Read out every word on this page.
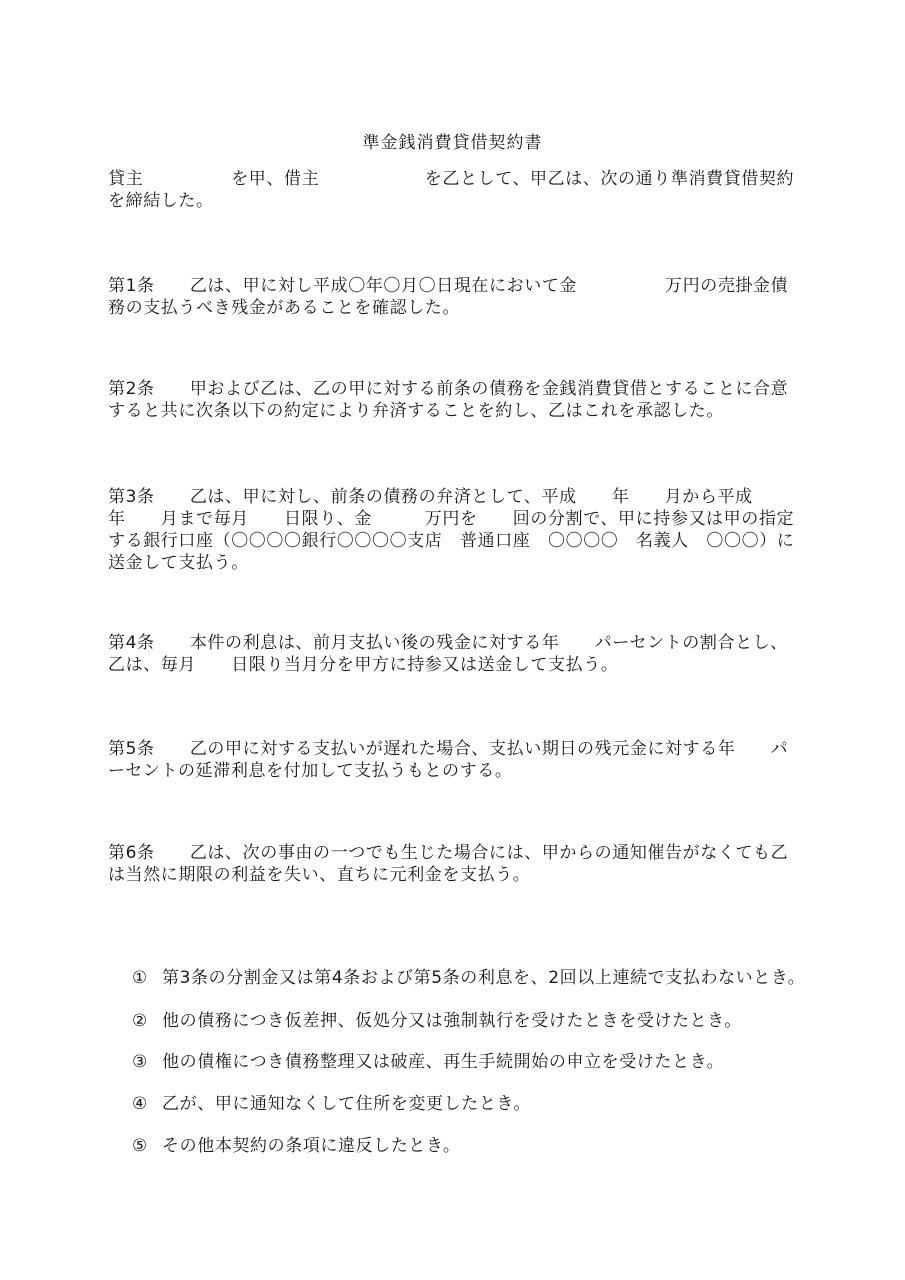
準金銭消費貸借契約書
貸主　　　　　を甲、借主　　　　　　を乙として、甲乙は、次の通り準消費貸借契約を締結した。
第1条　　乙は、甲に対し平成〇年〇月〇日現在において金　　　　　万円の売掛金債務の支払うべき残金があることを確認した。
第2条　　甲および乙は、乙の甲に対する前条の債務を金銭消費貸借とすることに合意すると共に次条以下の約定により弁済することを約し、乙はこれを承認した。
第3条　　乙は、甲に対し、前条の債務の弁済として、平成　　年　　月から平成　　年　　月まで毎月　　日限り、金　　　万円を　　回の分割で、甲に持参又は甲の指定する銀行口座（〇〇〇〇銀行〇〇〇〇支店　普通口座　〇〇〇〇　名義人　〇〇〇）に送金して支払う。
第4条　　本件の利息は、前月支払い後の残金に対する年　　パーセントの割合とし、乙は、毎月　　日限り当月分を甲方に持参又は送金して支払う。
第5条　　乙の甲に対する支払いが遅れた場合、支払い期日の残元金に対する年　　パーセントの延滞利息を付加して支払うもとのする。
第6条　　乙は、次の事由の一つでも生じた場合には、甲からの通知催告がなくても乙は当然に期限の利益を失い、直ちに元利金を支払う。

① 第3条の分割金又は第4条および第5条の利息を、2回以上連続で支払わないとき。

② 他の債務につき仮差押、仮処分又は強制執行を受けたときを受けたとき。

③ 他の債権につき債務整理又は破産、再生手続開始の申立を受けたとき。

④ 乙が、甲に通知なくして住所を変更したとき。

⑤ その他本契約の条項に違反したとき。
